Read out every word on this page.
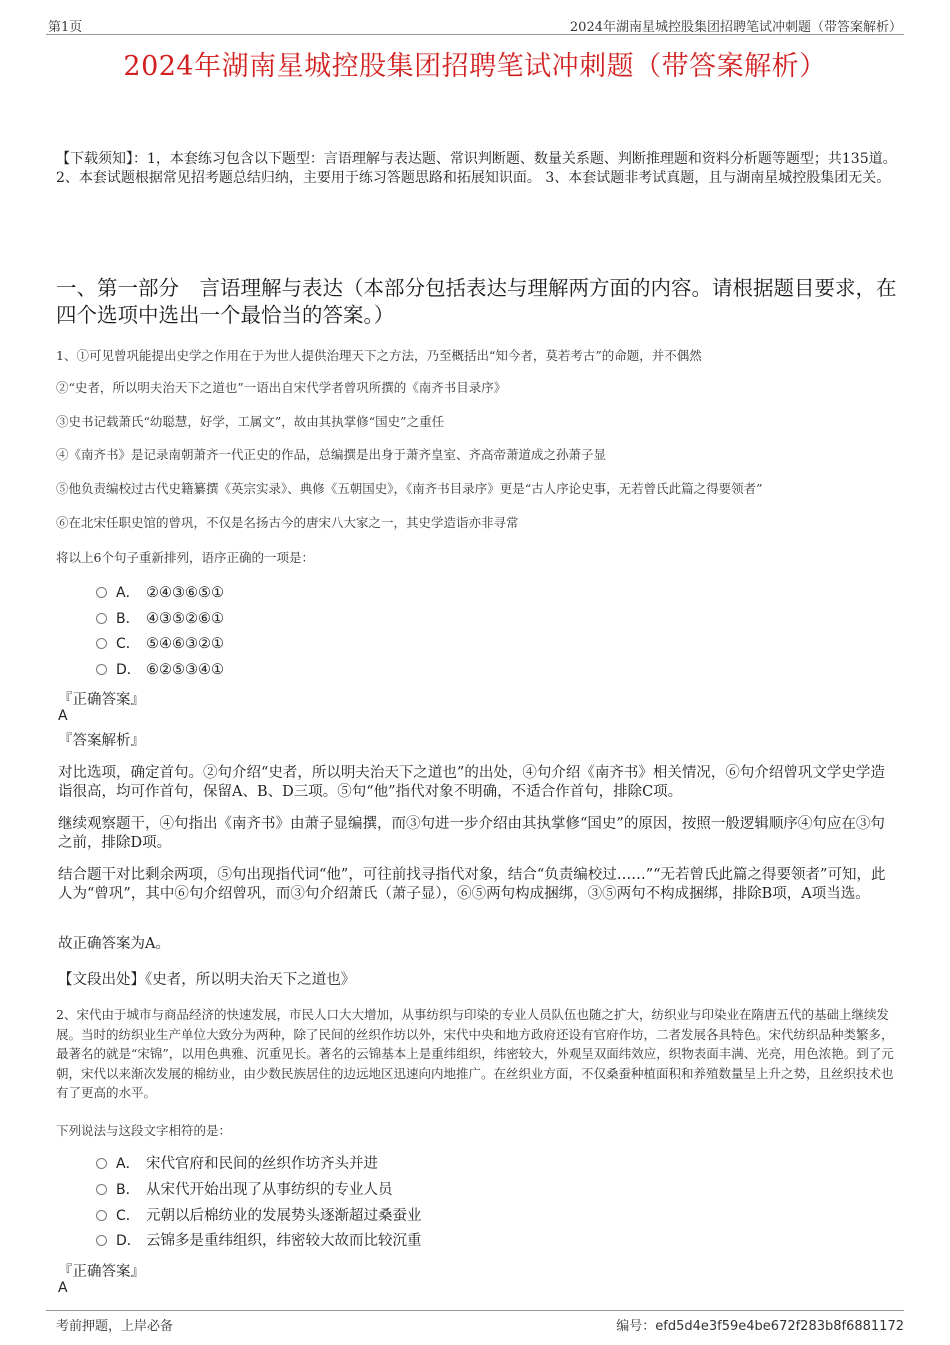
第1页	2024年湖南星城控股集团招聘笔试冲刺题（带答案解析）
2024年湖南星城控股集团招聘笔试冲刺题（带答案解析）
【下载须知】：1，本套练习包含以下题型：言语理解与表达题、常识判断题、数量关系题、判断推理题和资料分析题等题型；共135道。 2、本套试题根据常见招考题总结归纳，主要用于练习答题思路和拓展知识面。 3、本套试题非考试真题，且与湖南星城控股集团无关。
一、第一部分　言语理解与表达（本部分包括表达与理解两方面的内容。请根据题目要求，在四个选项中选出一个最恰当的答案。）
1、①可见曾巩能提出史学之作用在于为世人提供治理天下之方法，乃至概括出“知今者，莫若考古”的命题，并不偶然
②“史者，所以明夫治天下之道也”一语出自宋代学者曾巩所撰的《南齐书目录序》
③史书记载萧氏“幼聪慧，好学，工属文”，故由其执掌修“国史”之重任
④《南齐书》是记录南朝萧齐一代正史的作品，总编撰是出身于萧齐皇室、齐高帝萧道成之孙萧子显
⑤他负责编校过古代史籍纂撰《英宗实录》、典修《五朝国史》，《南齐书目录序》更是“古人序论史事，无若曾氏此篇之得要领者”
⑥在北宋任职史馆的曾巩，不仅是名扬古今的唐宋八大家之一，其史学造诣亦非寻常
将以上6个句子重新排列，语序正确的一项是：
A． ②④③⑥⑤①
B． ④③⑤②⑥①
C． ⑤④⑥③②①
D． ⑥②⑤③④①
『正确答案』
A
『答案解析』
对比选项，确定首句。②句介绍“史者，所以明夫治天下之道也”的出处，④句介绍《南齐书》相关情况，⑥句介绍曾巩文学史学造诣很高，均可作首句，保留A、B、D三项。⑤句“他”指代对象不明确，不适合作首句，排除C项。
继续观察题干，④句指出《南齐书》由萧子显编撰，而③句进一步介绍由其执掌修“国史”的原因，按照一般逻辑顺序④句应在③句之前，排除D项。
结合题干对比剩余两项，⑤句出现指代词“他”，可往前找寻指代对象，结合“负责编校过……”“无若曾氏此篇之得要领者”可知，此人为“曾巩”，其中⑥句介绍曾巩，而③句介绍萧氏（萧子显），⑥⑤两句构成捆绑，③⑤两句不构成捆绑，排除B项，A项当选。
故正确答案为A。
【文段出处】《史者，所以明夫治天下之道也》
2、宋代由于城市与商品经济的快速发展，市民人口大大增加，从事纺织与印染的专业人员队伍也随之扩大，纺织业与印染业在隋唐五代的基础上继续发展。当时的纺织业生产单位大致分为两种，除了民间的丝织作坊以外，宋代中央和地方政府还设有官府作坊，二者发展各具特色。宋代纺织品种类繁多，最著名的就是“宋锦”，以用色典雅、沉重见长。著名的云锦基本上是重纬组织，纬密较大，外观呈双面纬效应，织物表面丰满、光亮，用色浓艳。到了元朝，宋代以来渐次发展的棉纺业，由少数民族居住的边远地区迅速向内地推广。在丝织业方面，不仅桑蚕种植面积和养殖数量呈上升之势，且丝织技术也有了更高的水平。
下列说法与这段文字相符的是：
A． 宋代官府和民间的丝织作坊齐头并进
B． 从宋代开始出现了从事纺织的专业人员
C． 元朝以后棉纺业的发展势头逐渐超过桑蚕业
D． 云锦多是重纬组织，纬密较大故而比较沉重
『正确答案』
A
考前押题，上岸必备	编号：efd5d4e3f59e4be672f283b8f6881172
